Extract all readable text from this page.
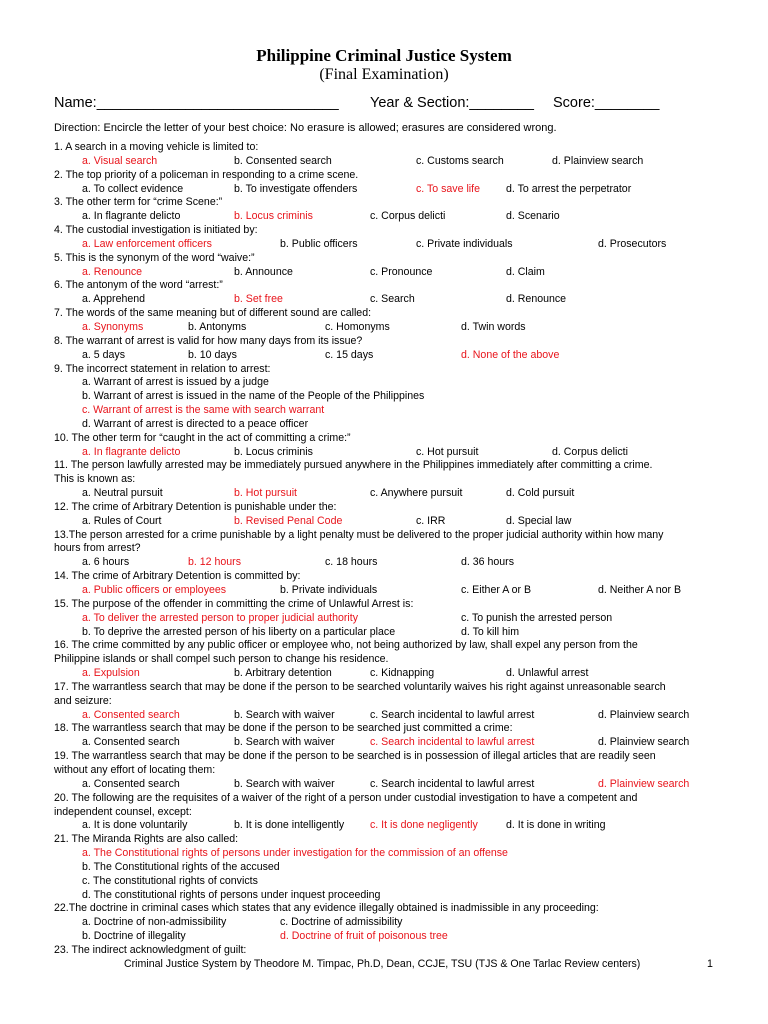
Philippine Criminal Justice System
(Final Examination)
Name:______________________________ Year & Section:________ Score:________
Direction: Encircle the letter of your best choice: No erasure is allowed; erasures are considered wrong.
1. A search in a moving vehicle is limited to:
a. Visual search	b. Consented search	c. Customs search	d. Plainview search
2. The top priority of a policeman in responding to a crime scene.
a. To collect evidence	b. To investigate offenders	c. To save life d. To arrest the perpetrator
3. The other term for “crime Scene:”
a. In flagrante delicto	b. Locus criminis	c. Corpus delicti	d. Scenario
4. The custodial investigation is initiated by:
a. Law enforcement officers	b. Public officers	c. Private individuals	d. Prosecutors
5. This is the synonym of the word “waive:”
a. Renounce	b. Announce	c. Pronounce	d. Claim
6. The antonym of the word “arrest:”
a. Apprehend	b. Set free	c. Search	d. Renounce
7. The words of the same meaning but of different sound are called:
a. Synonyms	b. Antonyms	c. Homonyms	d. Twin words
8. The warrant of arrest is valid for how many days from its issue?
a. 5 days	b. 10 days	c. 15 days	d. None of the above
9. The incorrect statement in relation to arrest:
a. Warrant of arrest is issued by a judge
b. Warrant of arrest is issued in the name of the People of the Philippines
c. Warrant of arrest is the same with search warrant
d. Warrant of arrest is directed to a peace officer
10. The other term for “caught in the act of committing a crime:”
a. In flagrante delicto	b. Locus criminis	c. Hot pursuit	d. Corpus delicti
11. The person lawfully arrested may be immediately pursued anywhere in the Philippines immediately after committing a crime.
This is known as:
a. Neutral pursuit	b. Hot pursuit	c. Anywhere pursuit	d. Cold pursuit
12. The crime of Arbitrary Detention is punishable under the:
a. Rules of Court	b. Revised Penal Code	c. IRR	d. Special law
13.The person arrested for a crime punishable by a light penalty must be delivered to the proper judicial authority within how many
hours from arrest?
a. 6 hours	b. 12 hours	c. 18 hours	d. 36 hours
14. The crime of Arbitrary Detention is committed by:
a. Public officers or employees	b. Private individuals	c. Either A or B	d. Neither A nor B
15. The purpose of the offender in committing the crime of Unlawful Arrest is:
a. To deliver the arrested person to proper judicial authority	c. To punish the arrested person
b. To deprive the arrested person of his liberty on a particular place	d. To kill him
16. The crime committed by any public officer or employee who, not being authorized by law, shall expel any person from the
Philippine islands or shall compel such person to change his residence.
a. Expulsion	b. Arbitrary detention	c. Kidnapping	d. Unlawful arrest
17. The warrantless search that may be done if the person to be searched voluntarily waives his right against unreasonable search
and seizure:
a. Consented search	b. Search with waiver	c. Search incidental to lawful arrest	d. Plainview search
18. The warrantless search that may be done if the person to be searched just committed a crime:
a. Consented search	b. Search with waiver	c. Search incidental to lawful arrest	d. Plainview search
19. The warrantless search that may be done if the person to be searched is in possession of illegal articles that are readily seen
without any effort of locating them:
a. Consented search	b. Search with waiver	c. Search incidental to lawful arrest	d. Plainview search
20. The following are the requisites of a waiver of the right of a person under custodial investigation to have a competent and
independent counsel, except:
a. It is done voluntarily	b. It is done intelligently c. It is done negligently	d. It is done in writing
21. The Miranda Rights are also called:
a. The Constitutional rights of persons under investigation for the commission of an offense
b. The Constitutional rights of the accused
c. The constitutional rights of convicts
d. The constitutional rights of persons under inquest proceeding
22.The doctrine in criminal cases which states that any evidence illegally obtained is inadmissible in any proceeding:
a. Doctrine of non-admissibility	c. Doctrine of admissibility
b. Doctrine of illegality	d. Doctrine of fruit of poisonous tree
23. The indirect acknowledgment of guilt:
Criminal Justice System by Theodore M. Timpac, Ph.D, Dean, CCJE, TSU (TJS & One Tarlac Review centers)	1
